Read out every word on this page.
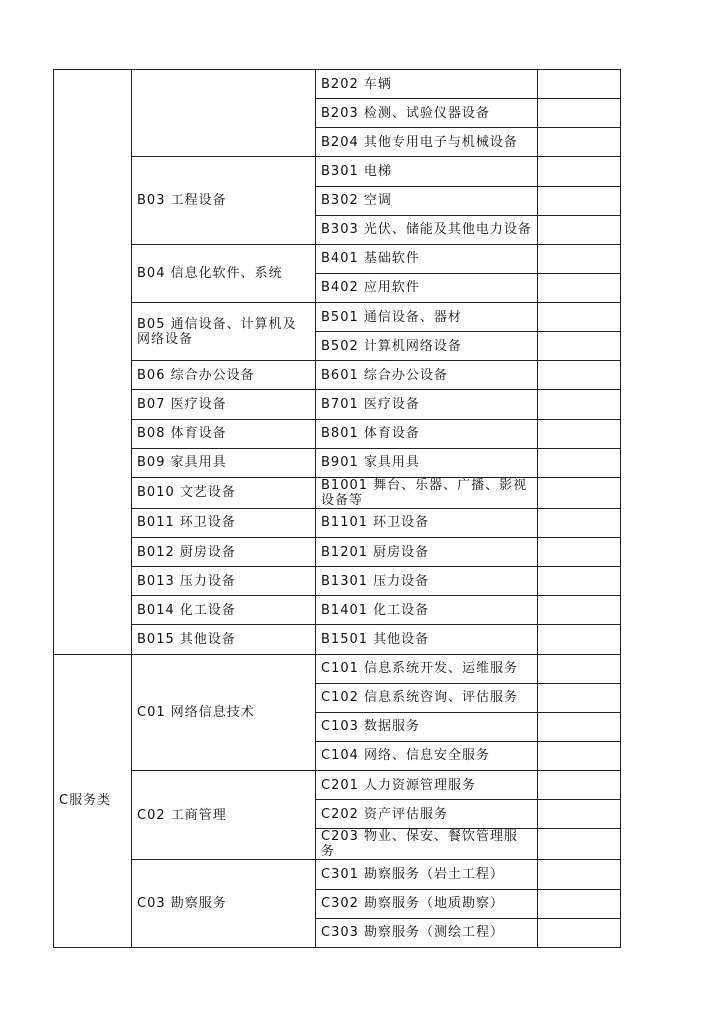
		B202 车辆	
		B203 检测、试验仪器设备	
		B204 其他专用电子与机械设备	
	B03 工程设备	B301 电梯	
		B302 空调	
		B303 光伏、储能及其他电力设备	
	B04 信息化软件、系统	B401 基础软件	
		B402 应用软件	
	B05 通信设备、计算机及网络设备	B501 通信设备、器材	
		B502 计算机网络设备	
	B06 综合办公设备	B601 综合办公设备	
	B07 医疗设备	B701 医疗设备	
	B08 体育设备	B801 体育设备	
	B09 家具用具	B901 家具用具	
	B010 文艺设备	B1001 舞台、乐器、广播、影视设备等	
	B011 环卫设备	B1101 环卫设备	
	B012 厨房设备	B1201 厨房设备	
	B013 压力设备	B1301 压力设备	
	B014 化工设备	B1401 化工设备	
	B015 其他设备	B1501 其他设备	
C服务类	C01 网络信息技术	C101 信息系统开发、运维服务	
		C102 信息系统咨询、评估服务	
		C103 数据服务	
		C104 网络、信息安全服务	
	C02 工商管理	C201 人力资源管理服务	
		C202 资产评估服务	
		C203 物业、保安、餐饮管理服务	
	C03 勘察服务	C301 勘察服务（岩土工程）	
		C302 勘察服务（地质勘察）	
		C303 勘察服务（测绘工程）	
